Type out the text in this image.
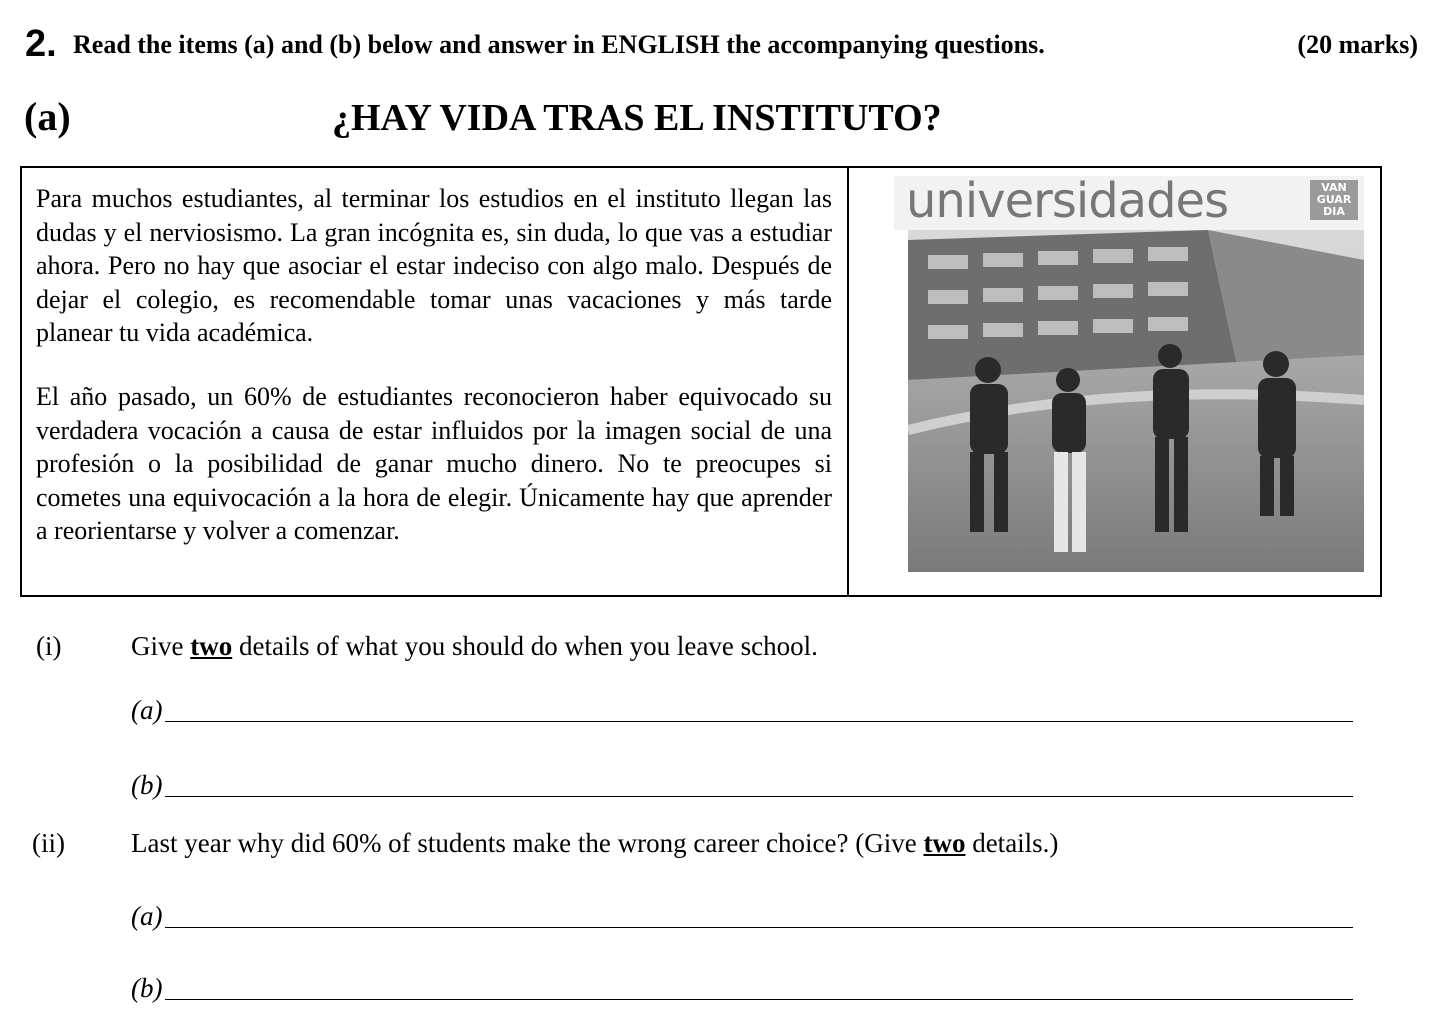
2. Read the items (a) and (b) below and answer in ENGLISH the accompanying questions.	(20 marks)
(a)	¿HAY VIDA TRAS EL INSTITUTO?

Para muchos estudiantes, al terminar los estudios en el instituto llegan las dudas y el nerviosismo. La gran incógnita es, sin duda, lo que vas a estudiar ahora. Pero no hay que asociar el estar indeciso con algo malo. Después de dejar el colegio, es recomendable tomar unas vacaciones y más tarde planear tu vida académica.

El año pasado, un 60% de estudiantes reconocieron haber equivocado su verdadera vocación a causa de estar influidos por la imagen social de una profesión o la posibilidad de ganar mucho dinero. No te preocupes si cometes una equivocación a la hora de elegir. Únicamente hay que aprender a reorientarse y volver a comenzar.

universidades	VAN
GUAR
DIA
(i)	Give two details of what you should do when you leave school.
(a)
(b)
(ii) Last year why did 60% of students make the wrong career choice? (Give two details.)
(a)
(b)
